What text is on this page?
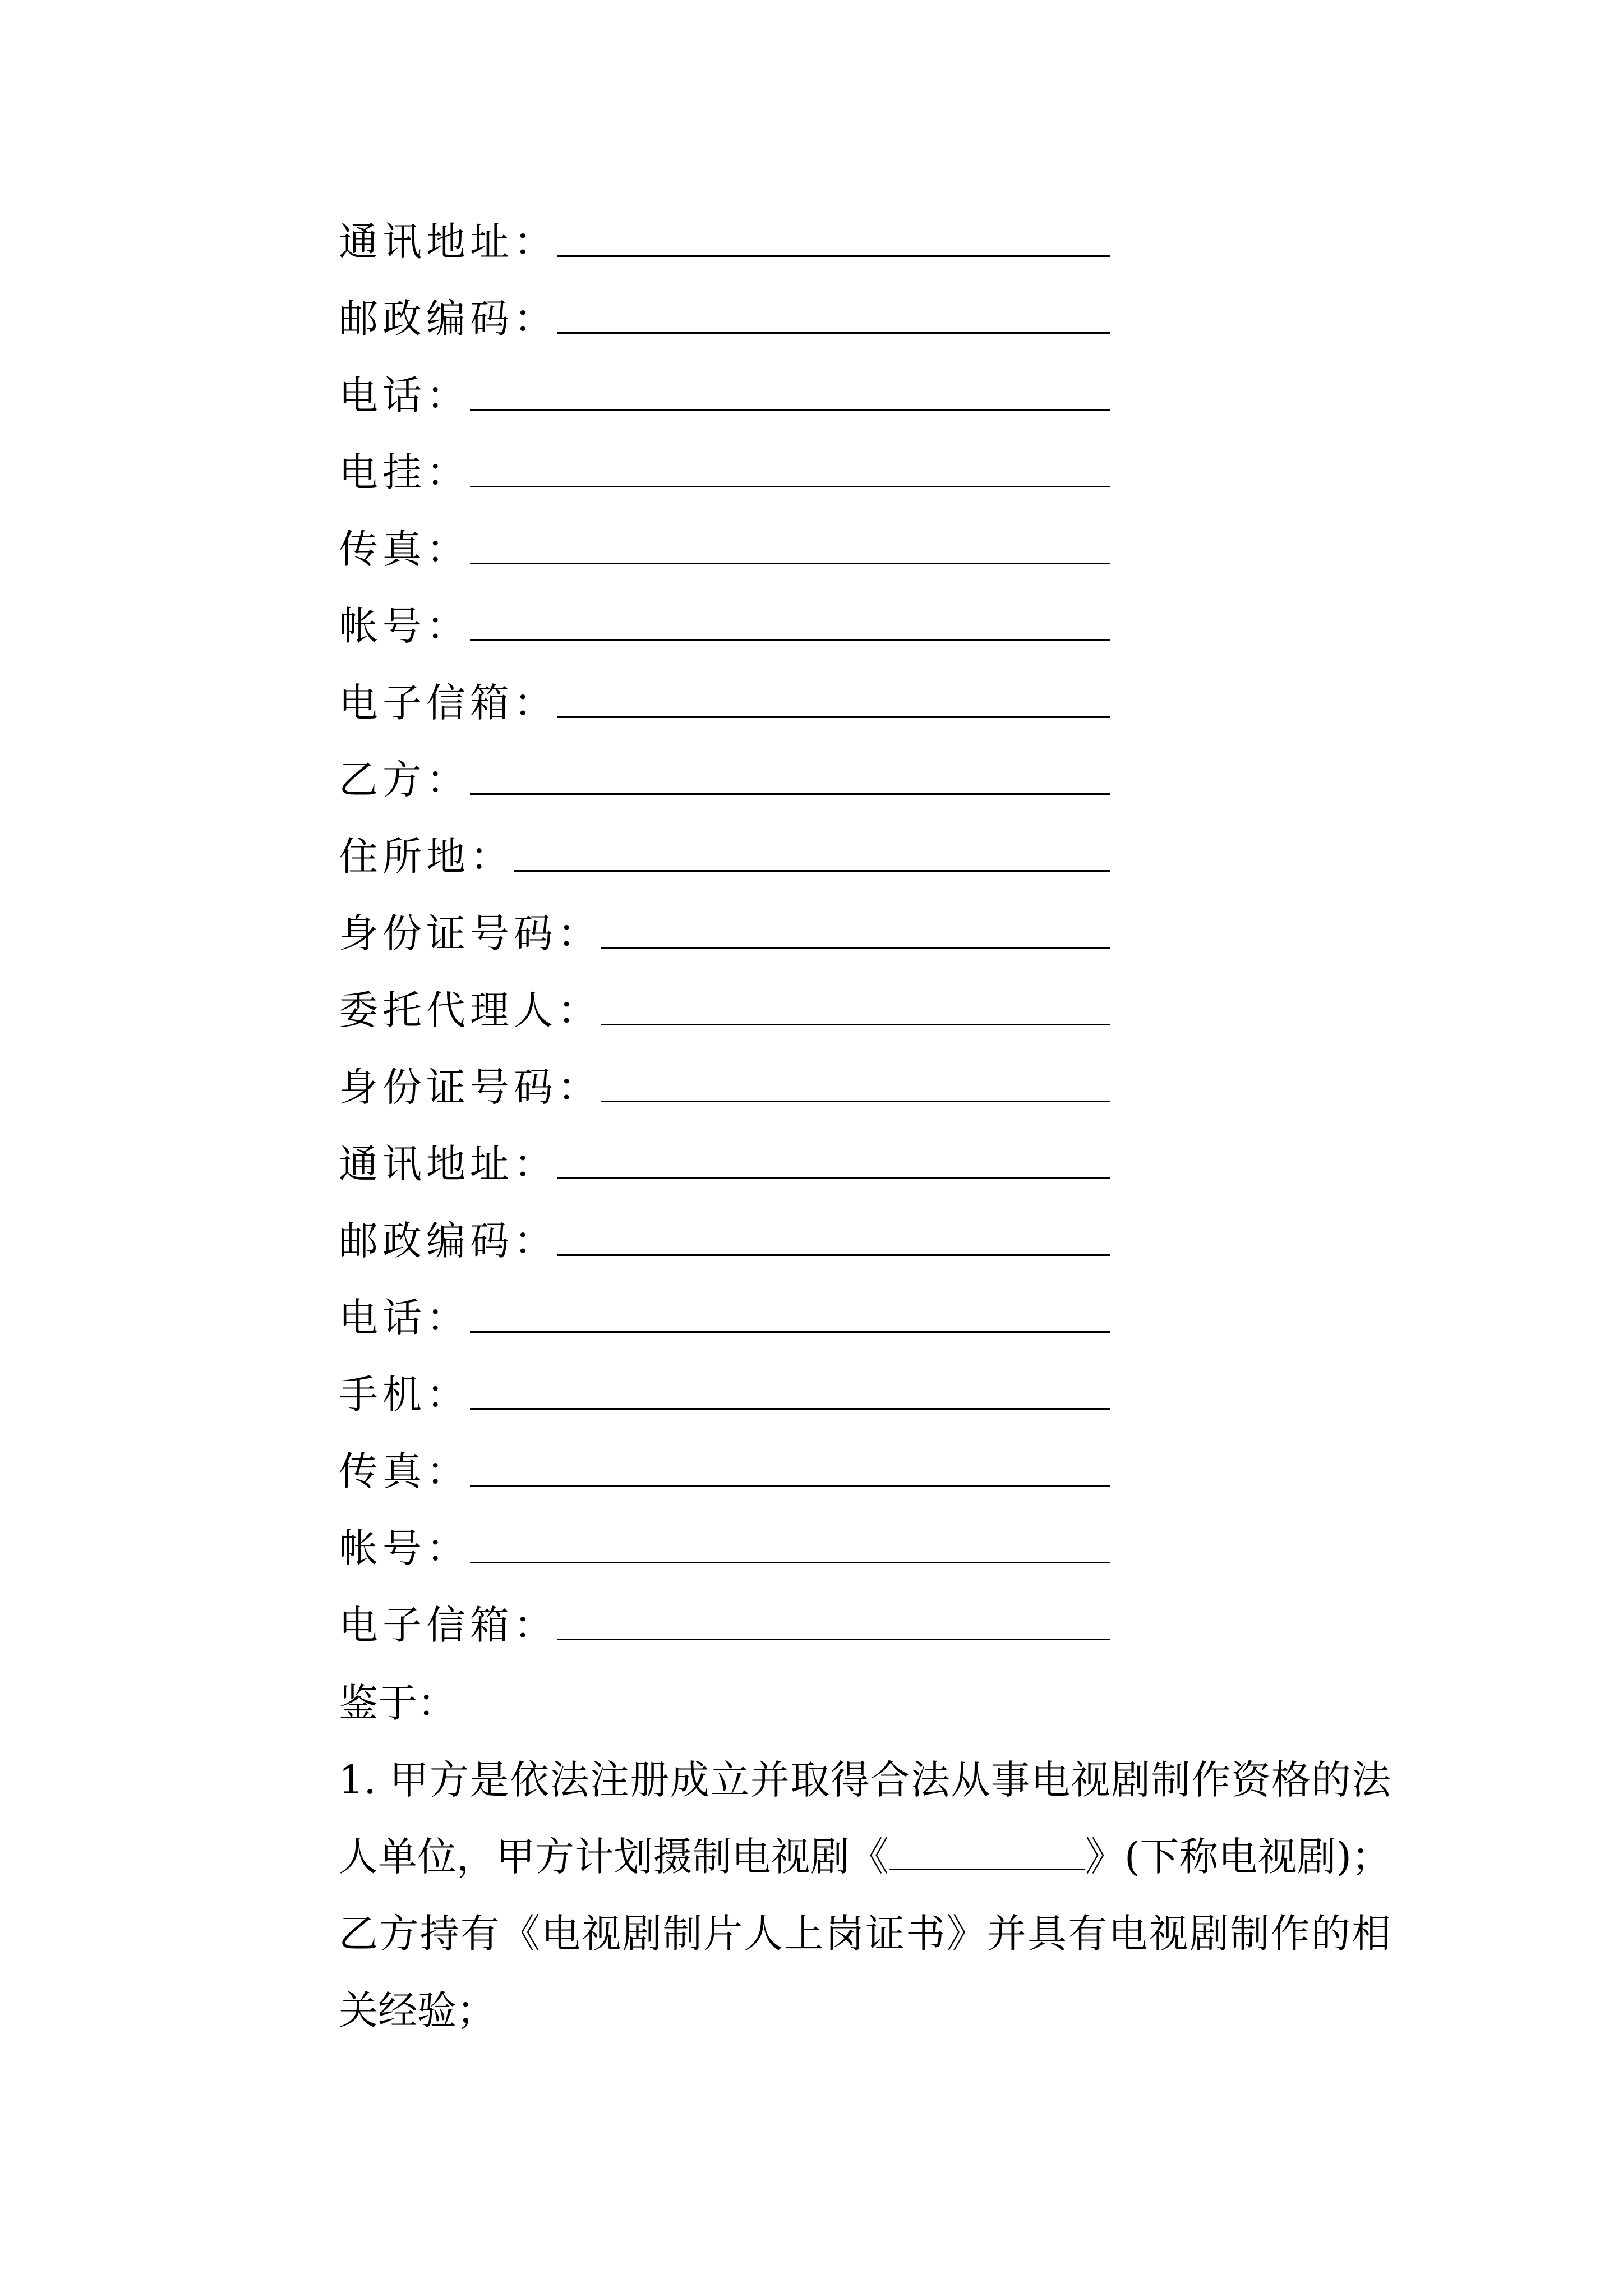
通讯地址：
邮政编码：
电话：
电挂：
传真：
帐号：
电子信箱：
乙方：
住所地：
身份证号码：
委托代理人：
身份证号码：
通讯地址：
邮政编码：
电话：
手机：
传真：
帐号：
电子信箱：
鉴于：
1. 甲方是依法注册成立并取得合法从事电视剧制作资格的法人单位，甲方计划摄制电视剧《	》(下称电视剧)；乙方持有《电视剧制片人上岗证书》并具有电视剧制作的相关经验；
